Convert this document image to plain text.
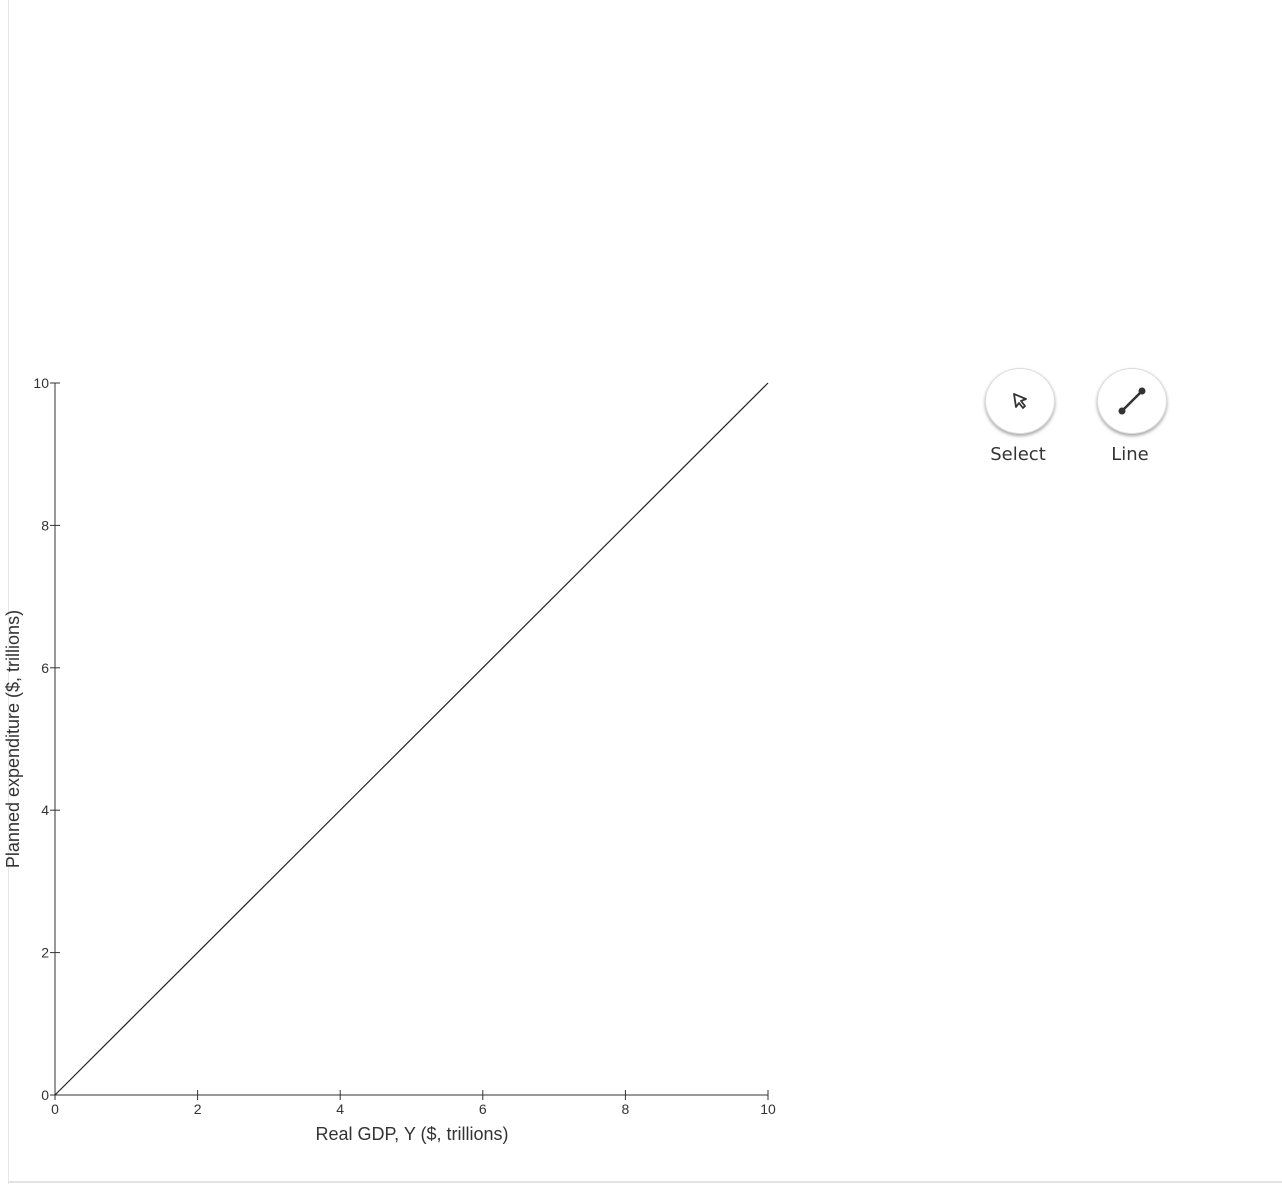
0	2	4	6	8	10
0
2
4
6
8
10
Real GDP, Y ($, trillions)
Planned expenditure ($, trillions)
Select	Line
